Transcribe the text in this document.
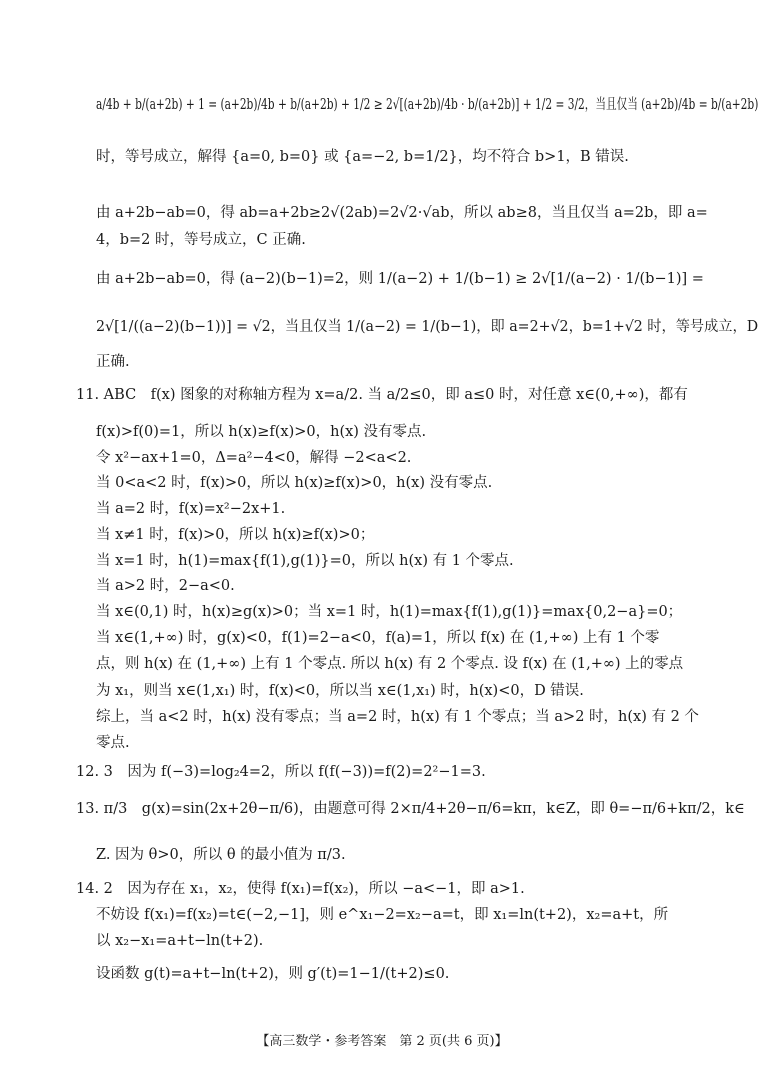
a/4b + b/(a+2b) + 1 = (a+2b)/4b + b/(a+2b) + 1/2 ≥ 2√[(a+2b)/4b · b/(a+2b)] + 1/2 = 3/2，当且仅当 (a+2b)/4b = b/(a+2b)
时，等号成立，解得 {a=0, b=0} 或 {a=−2, b=1/2}，均不符合 b>1，B 错误.
由 a+2b−ab=0，得 ab=a+2b≥2√(2ab)=2√2·√ab，所以 ab≥8，当且仅当 a=2b，即 a=
4，b=2 时，等号成立，C 正确.
由 a+2b−ab=0，得 (a−2)(b−1)=2，则 1/(a−2) + 1/(b−1) ≥ 2√[1/(a−2) · 1/(b−1)] =
2√[1/((a−2)(b−1))] = √2，当且仅当 1/(a−2) = 1/(b−1)，即 a=2+√2，b=1+√2 时，等号成立，D
正确.
11. ABC　f(x) 图象的对称轴方程为 x=a/2. 当 a/2≤0，即 a≤0 时，对任意 x∈(0,+∞)，都有
f(x)>f(0)=1，所以 h(x)≥f(x)>0，h(x) 没有零点.
令 x²−ax+1=0，Δ=a²−4<0，解得 −2<a<2.
当 0<a<2 时，f(x)>0，所以 h(x)≥f(x)>0，h(x) 没有零点.
当 a=2 时，f(x)=x²−2x+1.
当 x≠1 时，f(x)>0，所以 h(x)≥f(x)>0；
当 x=1 时，h(1)=max{f(1),g(1)}=0，所以 h(x) 有 1 个零点.
当 a>2 时，2−a<0.
当 x∈(0,1) 时，h(x)≥g(x)>0；当 x=1 时，h(1)=max{f(1),g(1)}=max{0,2−a}=0；
当 x∈(1,+∞) 时，g(x)<0，f(1)=2−a<0，f(a)=1，所以 f(x) 在 (1,+∞) 上有 1 个零
点，则 h(x) 在 (1,+∞) 上有 1 个零点. 所以 h(x) 有 2 个零点. 设 f(x) 在 (1,+∞) 上的零点
为 x₁，则当 x∈(1,x₁) 时，f(x)<0，所以当 x∈(1,x₁) 时，h(x)<0，D 错误.
综上，当 a<2 时，h(x) 没有零点；当 a=2 时，h(x) 有 1 个零点；当 a>2 时，h(x) 有 2 个
零点.
12. 3　因为 f(−3)=log₂4=2，所以 f(f(−3))=f(2)=2²−1=3.
13. π/3　g(x)=sin(2x+2θ−π/6)，由题意可得 2×π/4+2θ−π/6=kπ，k∈Z，即 θ=−π/6+kπ/2，k∈
Z. 因为 θ>0，所以 θ 的最小值为 π/3.
14. 2　因为存在 x₁，x₂，使得 f(x₁)=f(x₂)，所以 −a<−1，即 a>1.
不妨设 f(x₁)=f(x₂)=t∈(−2,−1]，则 e^x₁−2=x₂−a=t，即 x₁=ln(t+2)，x₂=a+t，所
以 x₂−x₁=a+t−ln(t+2).
设函数 g(t)=a+t−ln(t+2)，则 g′(t)=1−1/(t+2)≤0.
【高三数学・参考答案　第 2 页(共 6 页)】
